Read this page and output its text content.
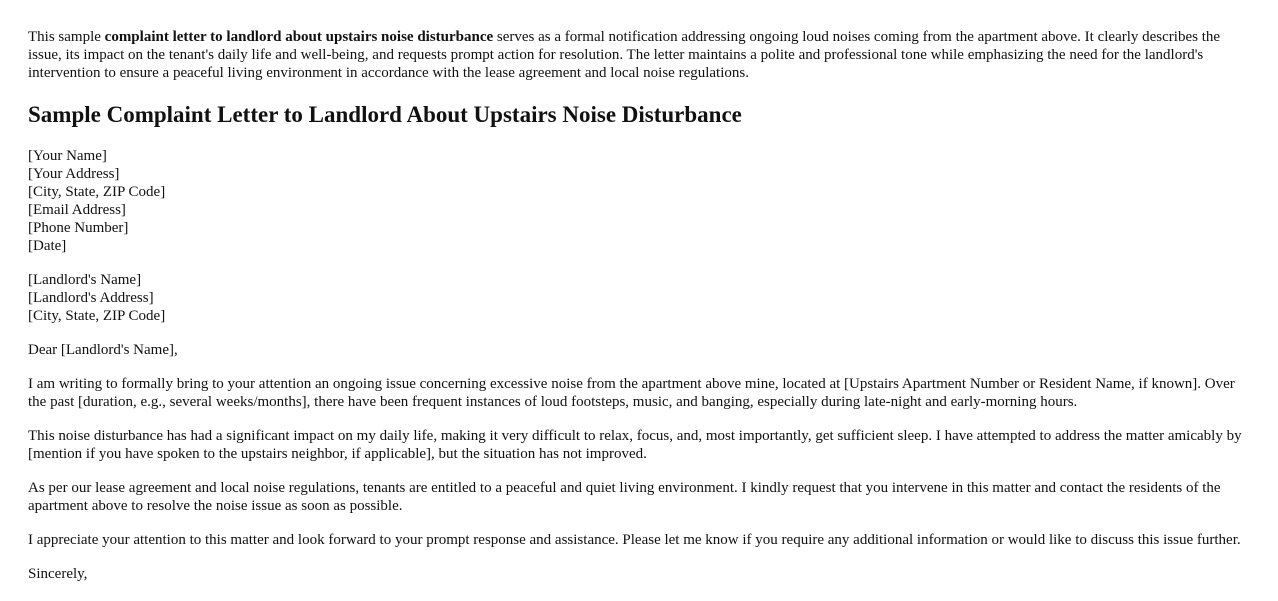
This sample complaint letter to landlord about upstairs noise disturbance serves as a formal notification addressing ongoing loud noises coming from the apartment above. It clearly describes the issue, its impact on the tenant's daily life and well-being, and requests prompt action for resolution. The letter maintains a polite and professional tone while emphasizing the need for the landlord's intervention to ensure a peaceful living environment in accordance with the lease agreement and local noise regulations.

Sample Complaint Letter to Landlord About Upstairs Noise Disturbance
[Your Name]
[Your Address]
[City, State, ZIP Code]
[Email Address]
[Phone Number]
[Date]
[Landlord's Name]
[Landlord's Address]
[City, State, ZIP Code]

Dear [Landlord's Name],

I am writing to formally bring to your attention an ongoing issue concerning excessive noise from the apartment above mine, located at [Upstairs Apartment Number or Resident Name, if known]. Over the past [duration, e.g., several weeks/months], there have been frequent instances of loud footsteps, music, and banging, especially during late-night and early-morning hours.

This noise disturbance has had a significant impact on my daily life, making it very difficult to relax, focus, and, most importantly, get sufficient sleep. I have attempted to address the matter amicably by [mention if you have spoken to the upstairs neighbor, if applicable], but the situation has not improved.

As per our lease agreement and local noise regulations, tenants are entitled to a peaceful and quiet living environment. I kindly request that you intervene in this matter and contact the residents of the apartment above to resolve the noise issue as soon as possible.

I appreciate your attention to this matter and look forward to your prompt response and assistance. Please let me know if you require any additional information or would like to discuss this issue further.

Sincerely,
